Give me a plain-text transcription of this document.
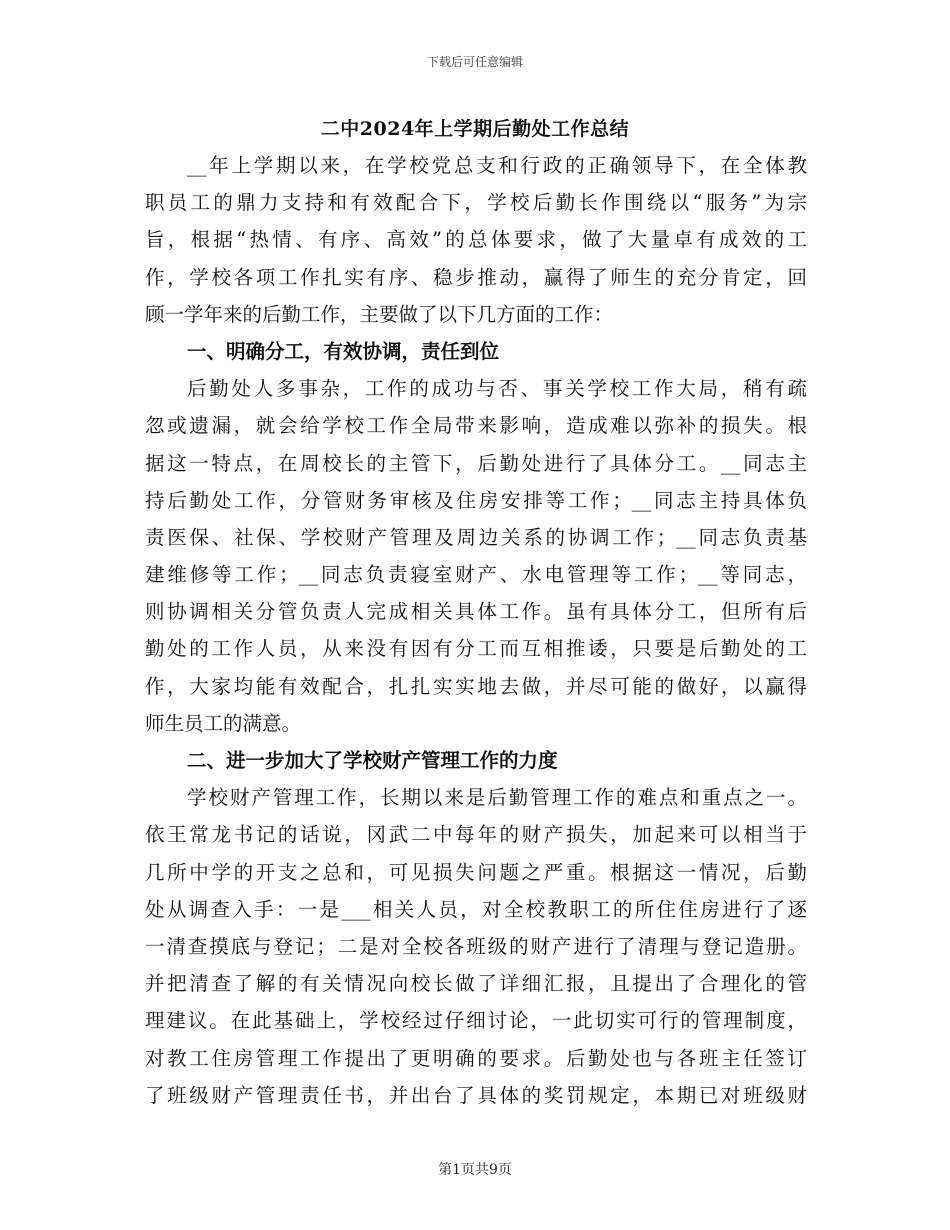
下载后可任意编辑
二中2024年上学期后勤处工作总结
__年上学期以来，在学校党总支和行政的正确领导下，在全体教
职员工的鼎力支持和有效配合下，学校后勤长作围绕以“服务”为宗
旨，根据“热情、有序、高效”的总体要求，做了大量卓有成效的工
作，学校各项工作扎实有序、稳步推动，赢得了师生的充分肯定，回
顾一学年来的后勤工作，主要做了以下几方面的工作：
一、明确分工，有效协调，责任到位
后勤处人多事杂，工作的成功与否、事关学校工作大局，稍有疏
忽或遗漏，就会给学校工作全局带来影响，造成难以弥补的损失。根
据这一特点，在周校长的主管下，后勤处进行了具体分工。__同志主
持后勤处工作，分管财务审核及住房安排等工作；__同志主持具体负
责医保、社保、学校财产管理及周边关系的协调工作；__同志负责基
建维修等工作；__同志负责寝室财产、水电管理等工作；__等同志，
则协调相关分管负责人完成相关具体工作。虽有具体分工，但所有后
勤处的工作人员，从来没有因有分工而互相推诿，只要是后勤处的工
作，大家均能有效配合，扎扎实实地去做，并尽可能的做好，以赢得
师生员工的满意。
二、进一步加大了学校财产管理工作的力度
学校财产管理工作，长期以来是后勤管理工作的难点和重点之一。
依王常龙书记的话说，冈武二中每年的财产损失，加起来可以相当于
几所中学的开支之总和，可见损失问题之严重。根据这一情况，后勤
处从调查入手：一是___相关人员，对全校教职工的所住住房进行了逐
一清查摸底与登记；二是对全校各班级的财产进行了清理与登记造册。
并把清查了解的有关情况向校长做了详细汇报，且提出了合理化的管
理建议。在此基础上，学校经过仔细讨论，一此切实可行的管理制度，
对教工住房管理工作提出了更明确的要求。后勤处也与各班主任签订
了班级财产管理责任书，并出台了具体的奖罚规定，本期已对班级财
第1页共9页
